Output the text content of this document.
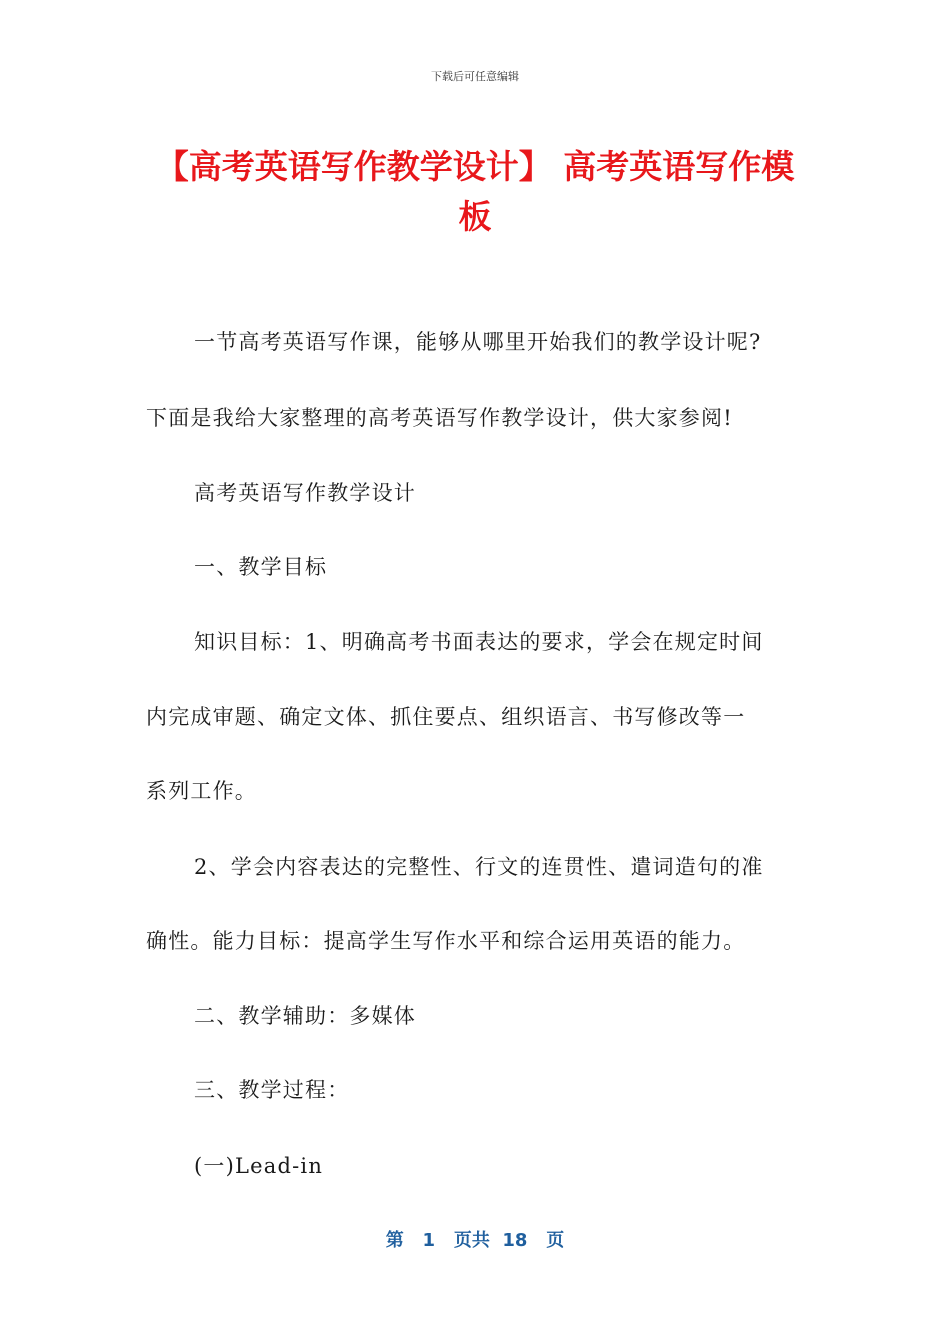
下载后可任意编辑
【高考英语写作教学设计】 高考英语写作模板
一节高考英语写作课，能够从哪里开始我们的教学设计呢?
下面是我给大家整理的高考英语写作教学设计，供大家参阅!
高考英语写作教学设计
一、教学目标
知识目标：1、明确高考书面表达的要求，学会在规定时间
内完成审题、确定文体、抓住要点、组织语言、书写修改等一
系列工作。
2、学会内容表达的完整性、行文的连贯性、遣词造句的准
确性。能力目标：提高学生写作水平和综合运用英语的能力。
二、教学辅助：多媒体
三、教学过程：
(一)Lead-in
第 1 页共 18 页
